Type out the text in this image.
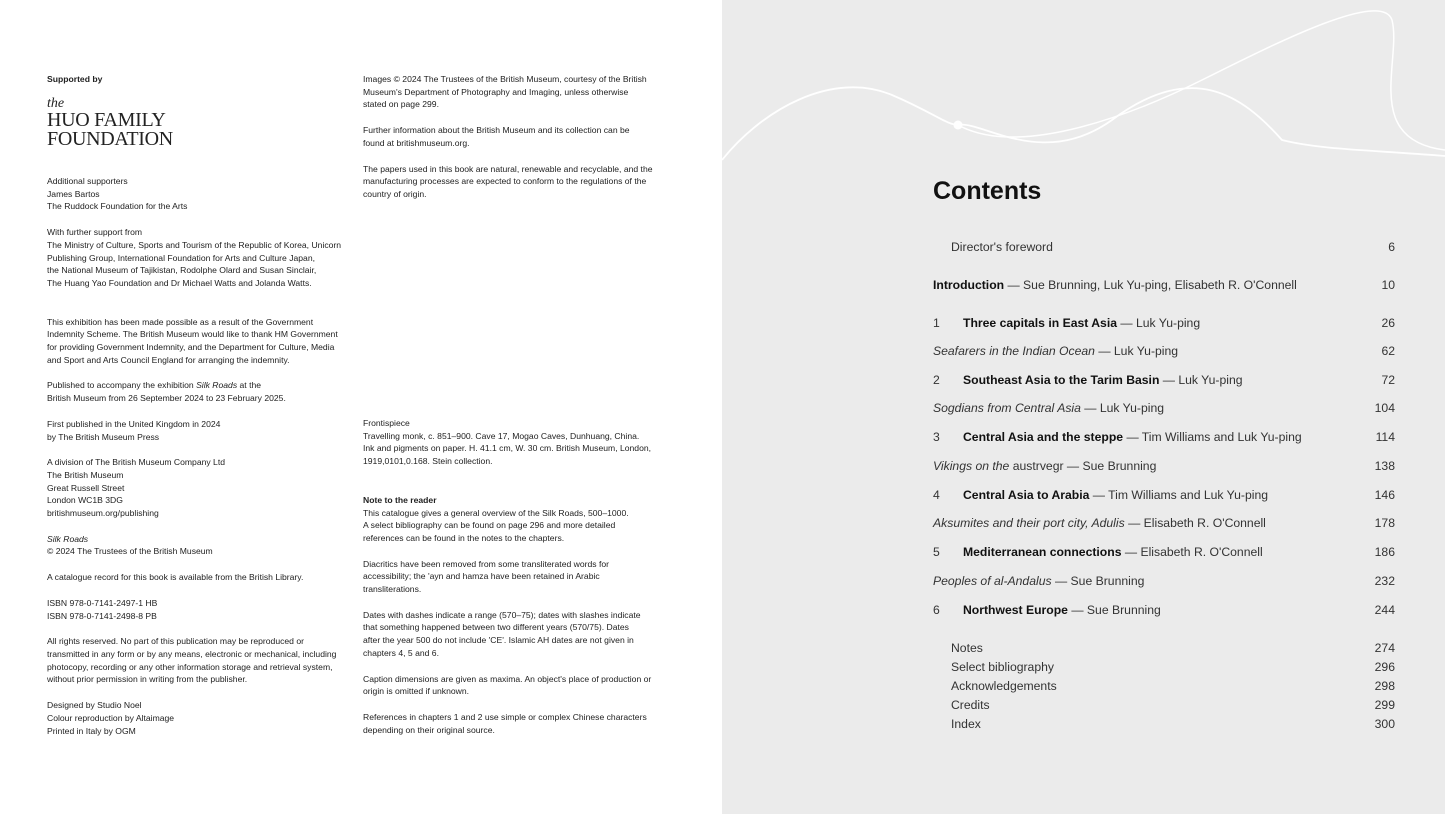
Supported by
the
HUO FAMILY
FOUNDATION

Additional supporters
James Bartos
The Ruddock Foundation for the Arts

With further support from
The Ministry of Culture, Sports and Tourism of the Republic of Korea, Unicorn
Publishing Group, International Foundation for Arts and Culture Japan,
the National Museum of Tajikistan, Rodolphe Olard and Susan Sinclair,
The Huang Yao Foundation and Dr Michael Watts and Jolanda Watts.

This exhibition has been made possible as a result of the Government
Indemnity Scheme. The British Museum would like to thank HM Government
for providing Government Indemnity, and the Department for Culture, Media
and Sport and Arts Council England for arranging the indemnity.

Published to accompany the exhibition Silk Roads at the
British Museum from 26 September 2024 to 23 February 2025.

First published in the United Kingdom in 2024
by The British Museum Press

A division of The British Museum Company Ltd
The British Museum
Great Russell Street
London WC1B 3DG
britishmuseum.org/publishing

Silk Roads
© 2024 The Trustees of the British Museum

A catalogue record for this book is available from the British Library.

ISBN 978-0-7141-2497-1 HB
ISBN 978-0-7141-2498-8 PB

All rights reserved. No part of this publication may be reproduced or
transmitted in any form or by any means, electronic or mechanical, including
photocopy, recording or any other information storage and retrieval system,
without prior permission in writing from the publisher.

Designed by Studio Noel
Colour reproduction by Altaimage
Printed in Italy by OGM

Images © 2024 The Trustees of the British Museum, courtesy of the British
Museum's Department of Photography and Imaging, unless otherwise
stated on page 299.

Further information about the British Museum and its collection can be
found at britishmuseum.org.

The papers used in this book are natural, renewable and recyclable, and the
manufacturing processes are expected to conform to the regulations of the
country of origin.

Frontispiece
Travelling monk, c. 851–900. Cave 17, Mogao Caves, Dunhuang, China.
Ink and pigments on paper. H. 41.1 cm, W. 30 cm. British Museum, London,
1919,0101,0.168. Stein collection.

Note to the reader
This catalogue gives a general overview of the Silk Roads, 500–1000.
A select bibliography can be found on page 296 and more detailed
references can be found in the notes to the chapters.

Diacritics have been removed from some transliterated words for
accessibility; the 'ayn and hamza have been retained in Arabic
transliterations.

Dates with dashes indicate a range (570–75); dates with slashes indicate
that something happened between two different years (570/75). Dates
after the year 500 do not include 'CE'. Islamic AH dates are not given in
chapters 4, 5 and 6.

Caption dimensions are given as maxima. An object's place of production or
origin is omitted if unknown.

References in chapters 1 and 2 use simple or complex Chinese characters
depending on their original source.

Contents
Director's foreword	6
Introduction — Sue Brunning, Luk Yu-ping, Elisabeth R. O'Connell	10
1 Three capitals in East Asia — Luk Yu-ping	26
Seafarers in the Indian Ocean — Luk Yu-ping	62
2 Southeast Asia to the Tarim Basin — Luk Yu-ping	72
Sogdians from Central Asia — Luk Yu-ping	104
3 Central Asia and the steppe — Tim Williams and Luk Yu-ping	114
Vikings on the austrvegr — Sue Brunning	138
4 Central Asia to Arabia — Tim Williams and Luk Yu-ping	146
Aksumites and their port city, Adulis — Elisabeth R. O'Connell	178
5 Mediterranean connections — Elisabeth R. O'Connell	186
Peoples of al-Andalus — Sue Brunning	232
6 Northwest Europe — Sue Brunning	244
Notes	274
Select bibliography	296
Acknowledgements	298
Credits	299
Index	300
